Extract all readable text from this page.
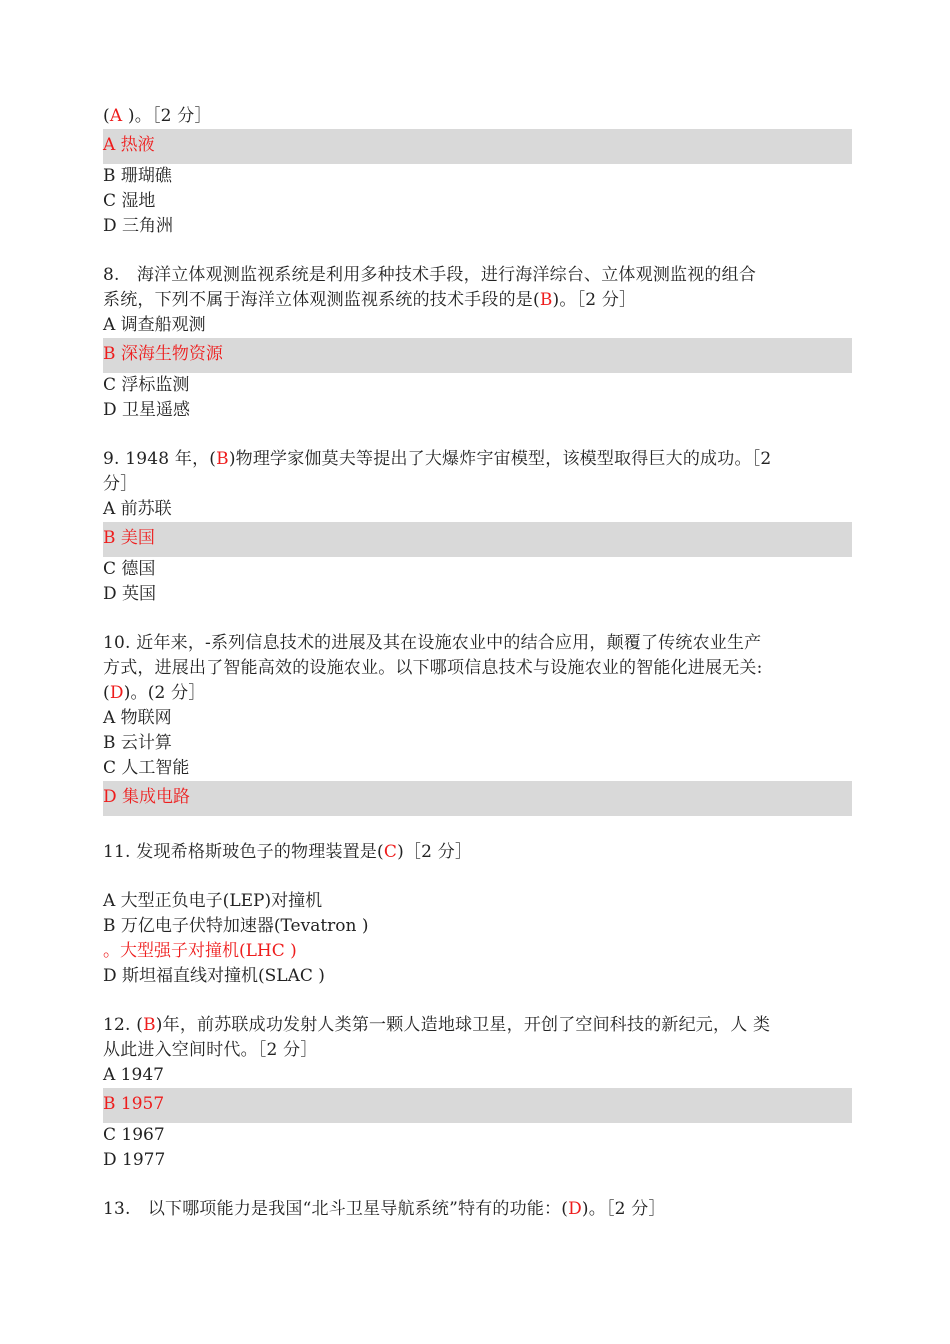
(A )。［2 分］
A 热液
B 珊瑚礁
C 湿地
D 三角洲
8.　海洋立体观测监视系统是利用多种技术手段，进行海洋综台、立体观测监视的组合
系统，下列不属于海洋立体观测监视系统的技术手段的是(B)。［2 分］
A 调查船观测
B 深海生物资源
C 浮标监测
D 卫星遥感
9. 1948 年，(B)物理学家伽莫夫等提出了大爆炸宇宙模型，该模型取得巨大的成功。［2
分］
A 前苏联
B 美国
C 德国
D 英国
10. 近年来，-系列信息技术的进展及其在设施农业中的结合应用，颠覆了传统农业生产
方式，进展出了智能高效的设施农业。以下哪项信息技术与设施农业的智能化进展无关:
(D)。(2 分］
A 物联网
B 云计算
C 人工智能
D 集成电路
11. 发现希格斯玻色子的物理装置是(C)［2 分］
A 大型正负电子(LEP)对撞机
B 万亿电子伏特加速器(Tevatron )
。大型强子对撞机(LHC )
D 斯坦福直线对撞机(SLAC )
12. (B)年，前苏联成功发射人类第一颗人造地球卫星，开创了空间科技的新纪元，人 类
从此进入空间时代。［2 分］
A 1947
B 1957
C 1967
D 1977
13.　以下哪项能力是我国“北斗卫星导航系统”特有的功能：(D)。［2 分］
